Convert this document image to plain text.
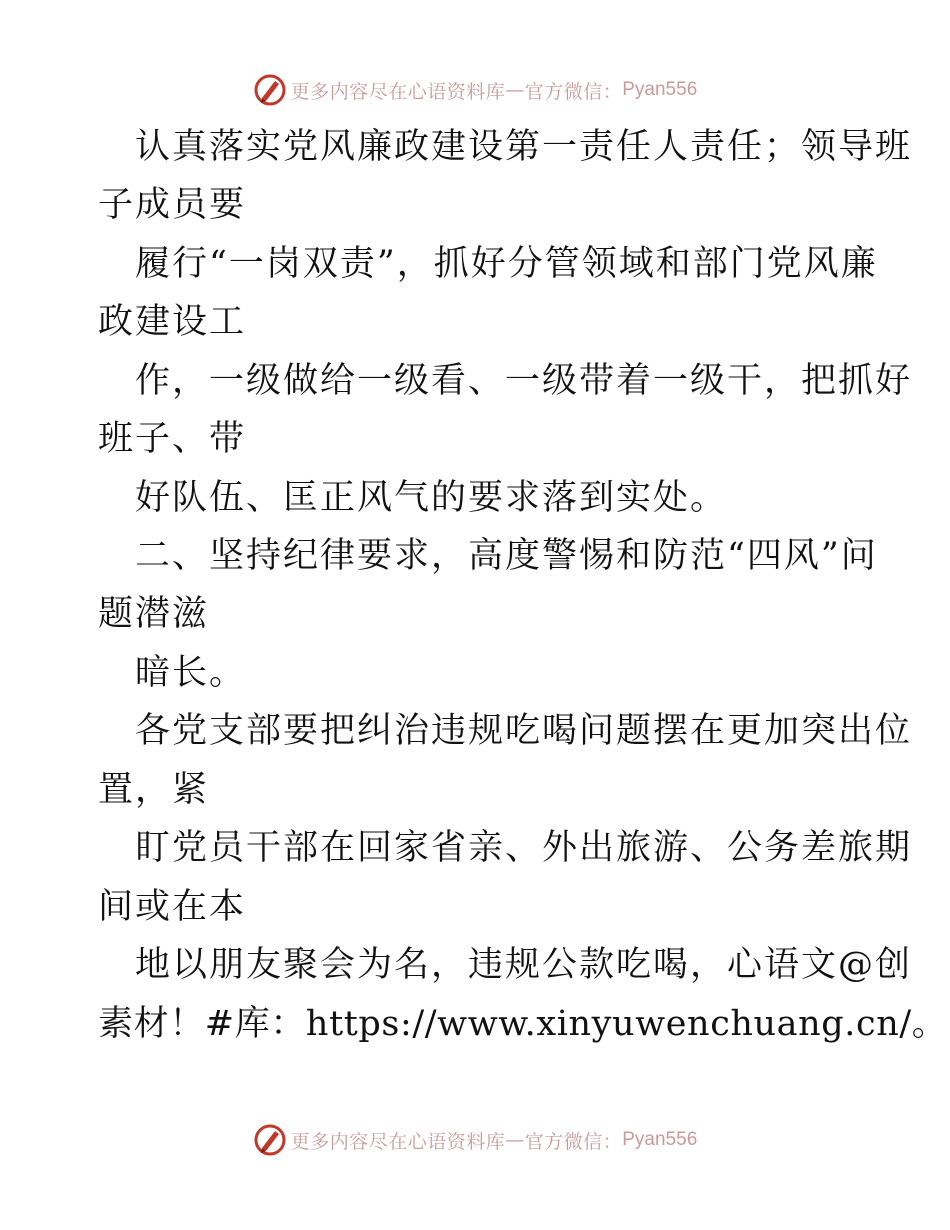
更多内容尽在心语资料库 — 官方微信： Pyan556
认真落实党风廉政建设第一责任人责任；领导班
子成员要
履行“一岗双责”，抓好分管领域和部门党风廉
政建设工
作，一级做给一级看、一级带着一级干，把抓好
班子、带
好队伍、匡正风气的要求落到实处。
二、坚持纪律要求，高度警惕和防范“四风”问
题潜滋
暗长。
各党支部要把纠治违规吃喝问题摆在更加突出位
置，紧
盯党员干部在回家省亲、外出旅游、公务差旅期
间或在本
地以朋友聚会为名，违规公款吃喝，心语文@创
素材！#库：https://www.xinyuwenchuang.cn/。
更多内容尽在心语资料库 — 官方微信： Pyan556
